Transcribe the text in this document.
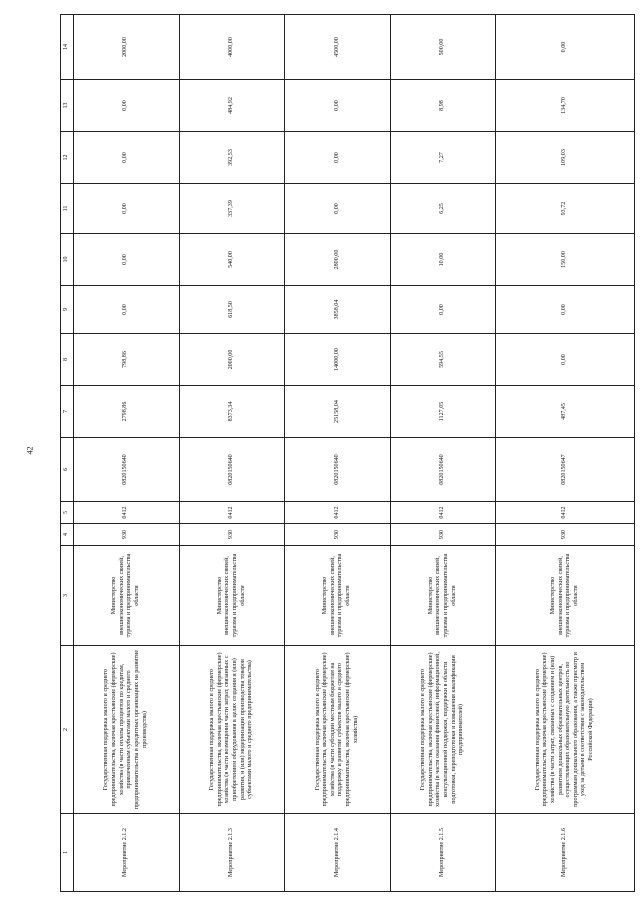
42
1	2	3	4	5	6	7	8	9	10	11	12	13	14
Мероприятие 2.1.2	Государственная поддержка малого и среднего предпринимательства, включая крестьянские (фермерские) хозяйства (в части оплаты процентов по кредитам, привлеченным субъектами малого и среднего предпринимательства в кредитных организациях на развитие производства)	Министерство внешнеэкономических связей, туризма и предпринимательства области	930	0412	0820150640	2798,86	798,86	0,00	0,00	0,00	0,00	0,00	2000,00
Мероприятие 2.1.3	Государственная поддержка малого и среднего предпринимательства, включая крестьянские (фермерские) хозяйства (в части возмещения части затрат, связанных с приобретением оборудования в целях создания и (или) развития, и (или) модернизации производства товаров субъектами малого и среднего предпринимательства)	Министерство внешнеэкономических связей, туризма и предпринимательства области	930	0412	0820150640	8373,34	2000,00	618,50	540,00	337,39	392,53	484,92	4000,00
Мероприятие 2.1.4	Государственная поддержка малого и среднего предпринимательства, включая крестьянские (фермерские) хозяйства (в части субсидии местным бюджетам на поддержку и развитие субъектов малого и среднего предпринимательства, включая крестьянские (фермерские) хозяйства)	Министерство внешнеэкономических связей, туризма и предпринимательства области	930	0412	0820150640	25158,04	14000,00	3858,04	2800,00	0,00	0,00	0,00	4500,00
Мероприятие 2.1.5	Государственная поддержка малого и среднего предпринимательства, включая крестьянские (фермерские) хозяйства (в части оказания финансовой, информационной, консультационной поддержки, поддержки в области подготовки, переподготовки и повышения квалификации предпринимателей)	Министерство внешнеэкономических связей, туризма и предпринимательства области	930	0412	0820150640	1127,05	594,55	0,00	10,00	6,25	7,27	8,98	500,00
Мероприятие 2.1.6	Государственная поддержка малого и среднего предпринимательства, включая крестьянские (фермерские) хозяйства (в части затрат, связанных с созданием и (или) развитием дошкольных образовательных центров, осуществляющих образовательную деятельность по программам дошкольного образования, а также присмотр и уход за детьми в соответствии с законодательством Российской Федерации)	Министерство внешнеэкономических связей, туризма и предпринимательства области	930	0412	0820150647	487,45	0,00	0,00	150,00	93,72	109,03	134,70	0,00
